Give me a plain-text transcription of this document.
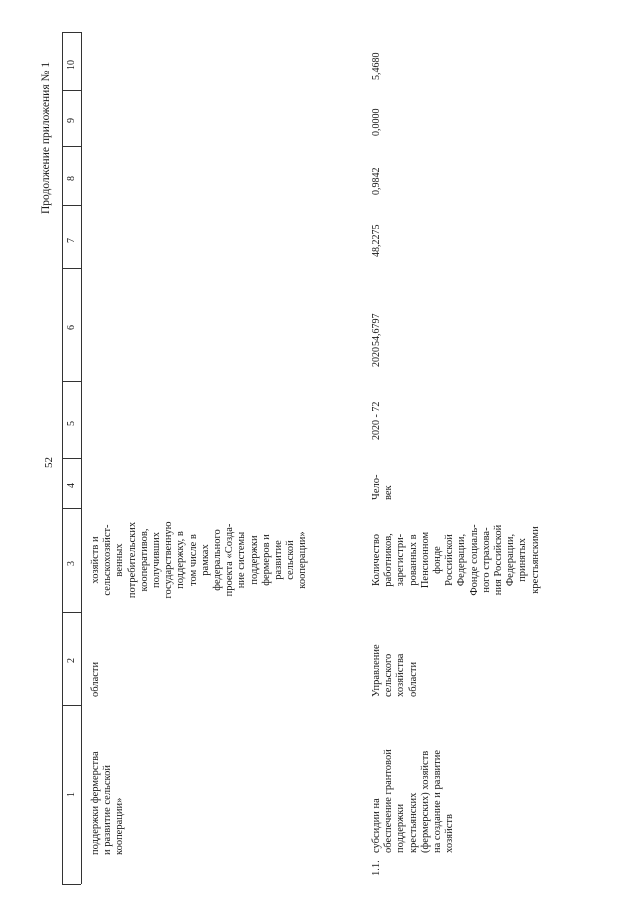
52
Продолжение приложения № 1 10
9
8
7
6
5
4
3
2
1
поддержки фермерства
и развитие сельской
кооперации»
области
хозяйств и
сельскохозяйст-
венных
потребительских
кооперативов,
получивших
государственную
поддержку, в
том числе в
рамках
федерального
проекта «Созда-
ние системы
поддержки
фермеров и
развитие
сельской
кооперации»
1.1.
субсидии на
обеспечение грантовой
поддержки
крестьянских
(фермерских) хозяйств
на создание и развитие
хозяйств
Управление
сельского
хозяйства
области
Количество
работников,
зарегистри-
рованных в
Пенсионном
фонде
Российской
Федерации,
Фонде социаль-
ного страхова-
ния Российской
Федерации,
принятых
крестьянскими
Чело-
век
2020 - 72
2020
54,6797
48,2275
0,9842
0,0000
5,4680
